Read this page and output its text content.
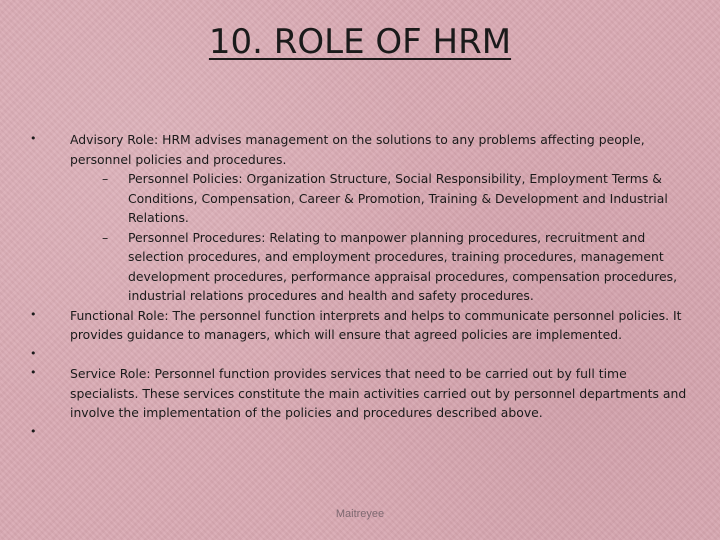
10. ROLE OF HRM
•	Advisory Role: HRM advises management on the solutions to any problems affecting people, personnel policies and procedures.
– Personnel Policies: Organization Structure, Social Responsibility, Employment Terms & Conditions, Compensation, Career & Promotion, Training & Development and Industrial Relations.
– Personnel Procedures: Relating to manpower planning procedures, recruitment and selection procedures, and employment procedures, training procedures, management development procedures, performance appraisal procedures, compensation procedures, industrial relations procedures and health and safety procedures.
•	Functional Role: The personnel function interprets and helps to communicate personnel policies. It provides guidance to managers, which will ensure that agreed policies are implemented.
•
•	Service Role: Personnel function provides services that need to be carried out by full time specialists. These services constitute the main activities carried out by personnel departments and involve the implementation of the policies and procedures described above.
•
Maitreyee
